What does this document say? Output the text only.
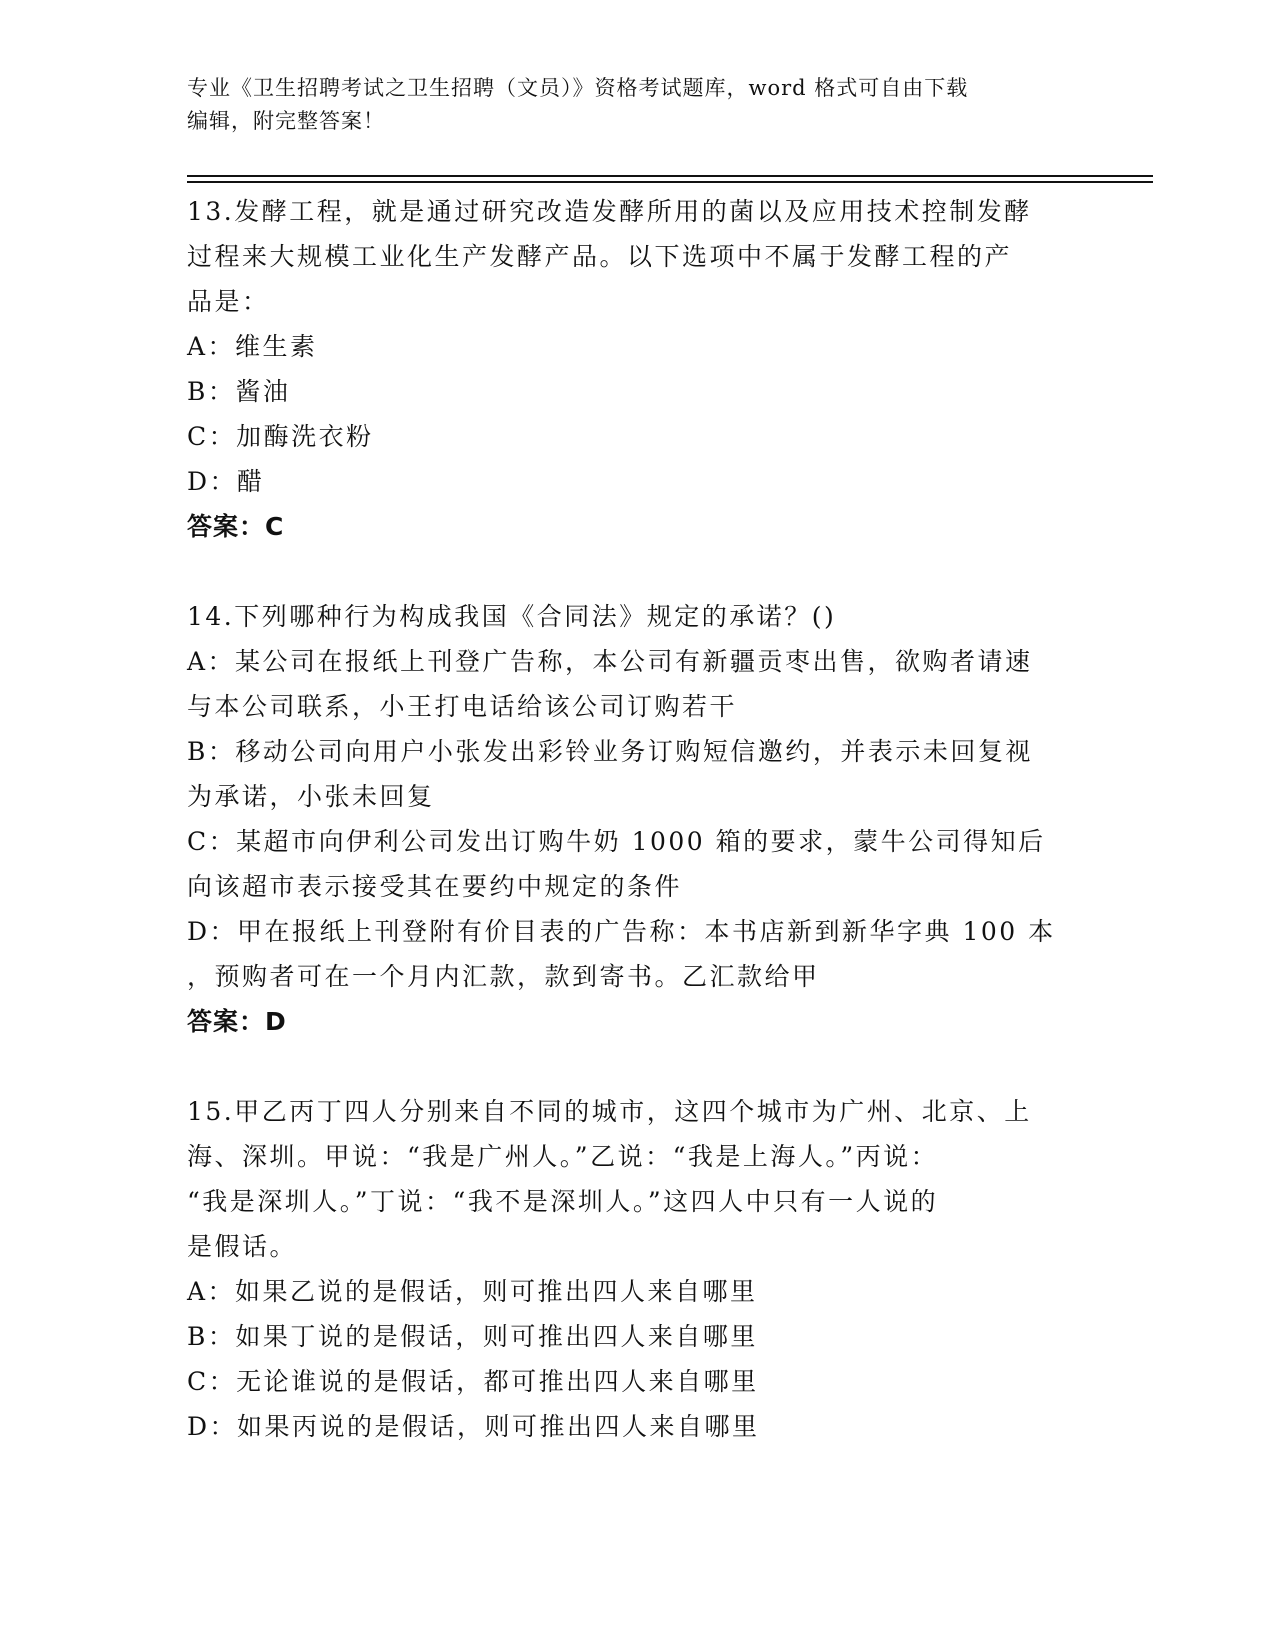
专业《卫生招聘考试之卫生招聘（文员）》资格考试题库，word 格式可自由下载
编辑，附完整答案！
13.发酵工程，就是通过研究改造发酵所用的菌以及应用技术控制发酵
过程来大规模工业化生产发酵产品。以下选项中不属于发酵工程的产
品是：
A：维生素
B：酱油
C：加酶洗衣粉
D：醋
答案：C
14.下列哪种行为构成我国《合同法》规定的承诺？()
A：某公司在报纸上刊登广告称，本公司有新疆贡枣出售，欲购者请速
与本公司联系，小王打电话给该公司订购若干
B：移动公司向用户小张发出彩铃业务订购短信邀约，并表示未回复视
为承诺，小张未回复
C：某超市向伊利公司发出订购牛奶 1000 箱的要求，蒙牛公司得知后
向该超市表示接受其在要约中规定的条件
D：甲在报纸上刊登附有价目表的广告称：本书店新到新华字典 100 本
，预购者可在一个月内汇款，款到寄书。乙汇款给甲
答案：D
15.甲乙丙丁四人分别来自不同的城市，这四个城市为广州、北京、上
海、深圳。甲说：“我是广州人。”乙说：“我是上海人。”丙说：
“我是深圳人。”丁说：“我不是深圳人。”这四人中只有一人说的
是假话。
A：如果乙说的是假话，则可推出四人来自哪里
B：如果丁说的是假话，则可推出四人来自哪里
C：无论谁说的是假话，都可推出四人来自哪里
D：如果丙说的是假话，则可推出四人来自哪里
